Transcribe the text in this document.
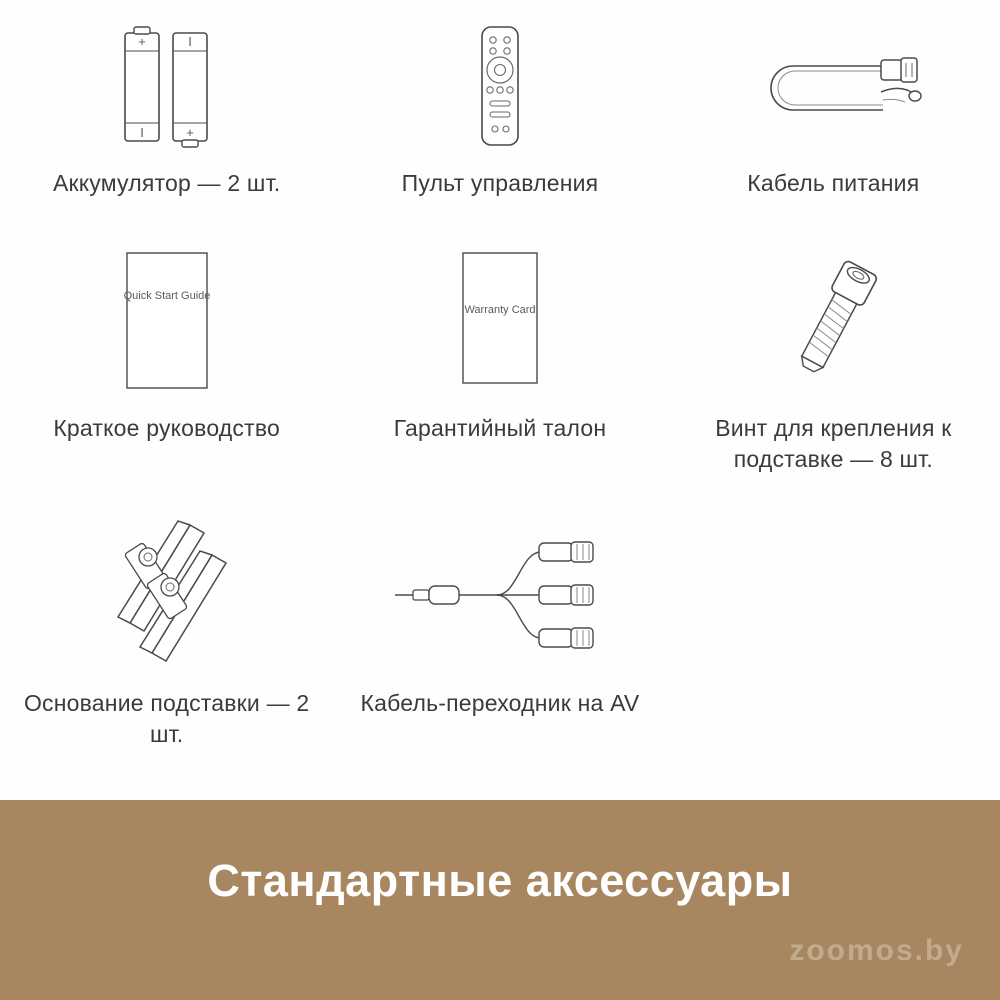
+
I
I
+
Аккумулятор — 2 шт.	Пульт управления	Кабель питания
Quick Start Guide
Краткое руководство
Warranty Card
Гарантийный талон	Винт для крепления к подставке — 8 шт.
Основание подставки — 2 шт.
Кабель-переходник на AV
Стандартные аксессуары
zoomos.by
